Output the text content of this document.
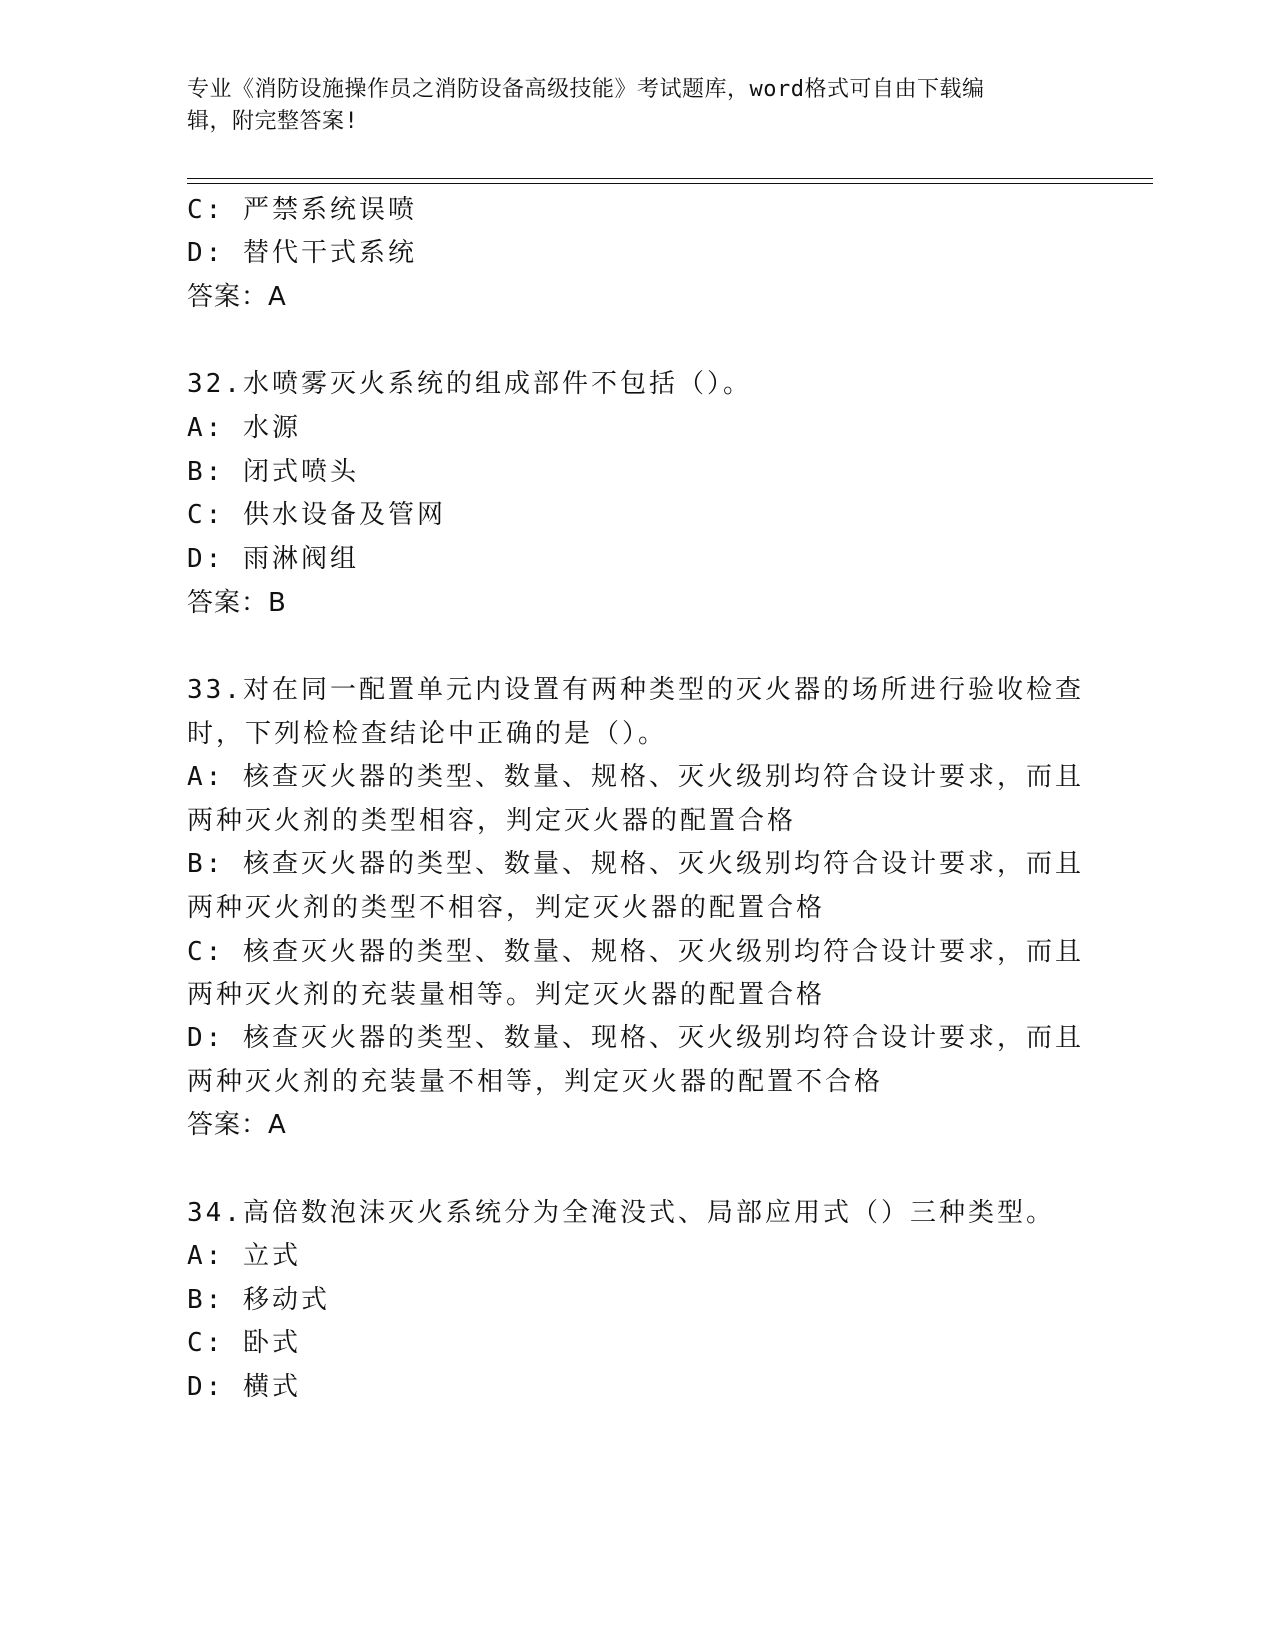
专业《消防设施操作员之消防设备高级技能》考试题库，word格式可自由下载编
辑，附完整答案!
C: 严禁系统误喷
D: 替代干式系统
答案：A
32.水喷雾灭火系统的组成部件不包括（）。
A: 水源
B: 闭式喷头
C: 供水设备及管网
D: 雨淋阀组
答案：B
33.对在同一配置单元内设置有两种类型的灭火器的场所进行验收检查
时，下列检检查结论中正确的是（）。
A: 核查灭火器的类型、数量、规格、灭火级别均符合设计要求，而且
两种灭火剂的类型相容，判定灭火器的配置合格
B: 核查灭火器的类型、数量、规格、灭火级别均符合设计要求，而且
两种灭火剂的类型不相容，判定灭火器的配置合格
C: 核查灭火器的类型、数量、规格、灭火级别均符合设计要求，而且
两种灭火剂的充装量相等。判定灭火器的配置合格
D: 核查灭火器的类型、数量、现格、灭火级别均符合设计要求，而且
两种灭火剂的充装量不相等，判定灭火器的配置不合格
答案：A
34.高倍数泡沫灭火系统分为全淹没式、局部应用式（）三种类型。
A: 立式
B: 移动式
C: 卧式
D: 横式
